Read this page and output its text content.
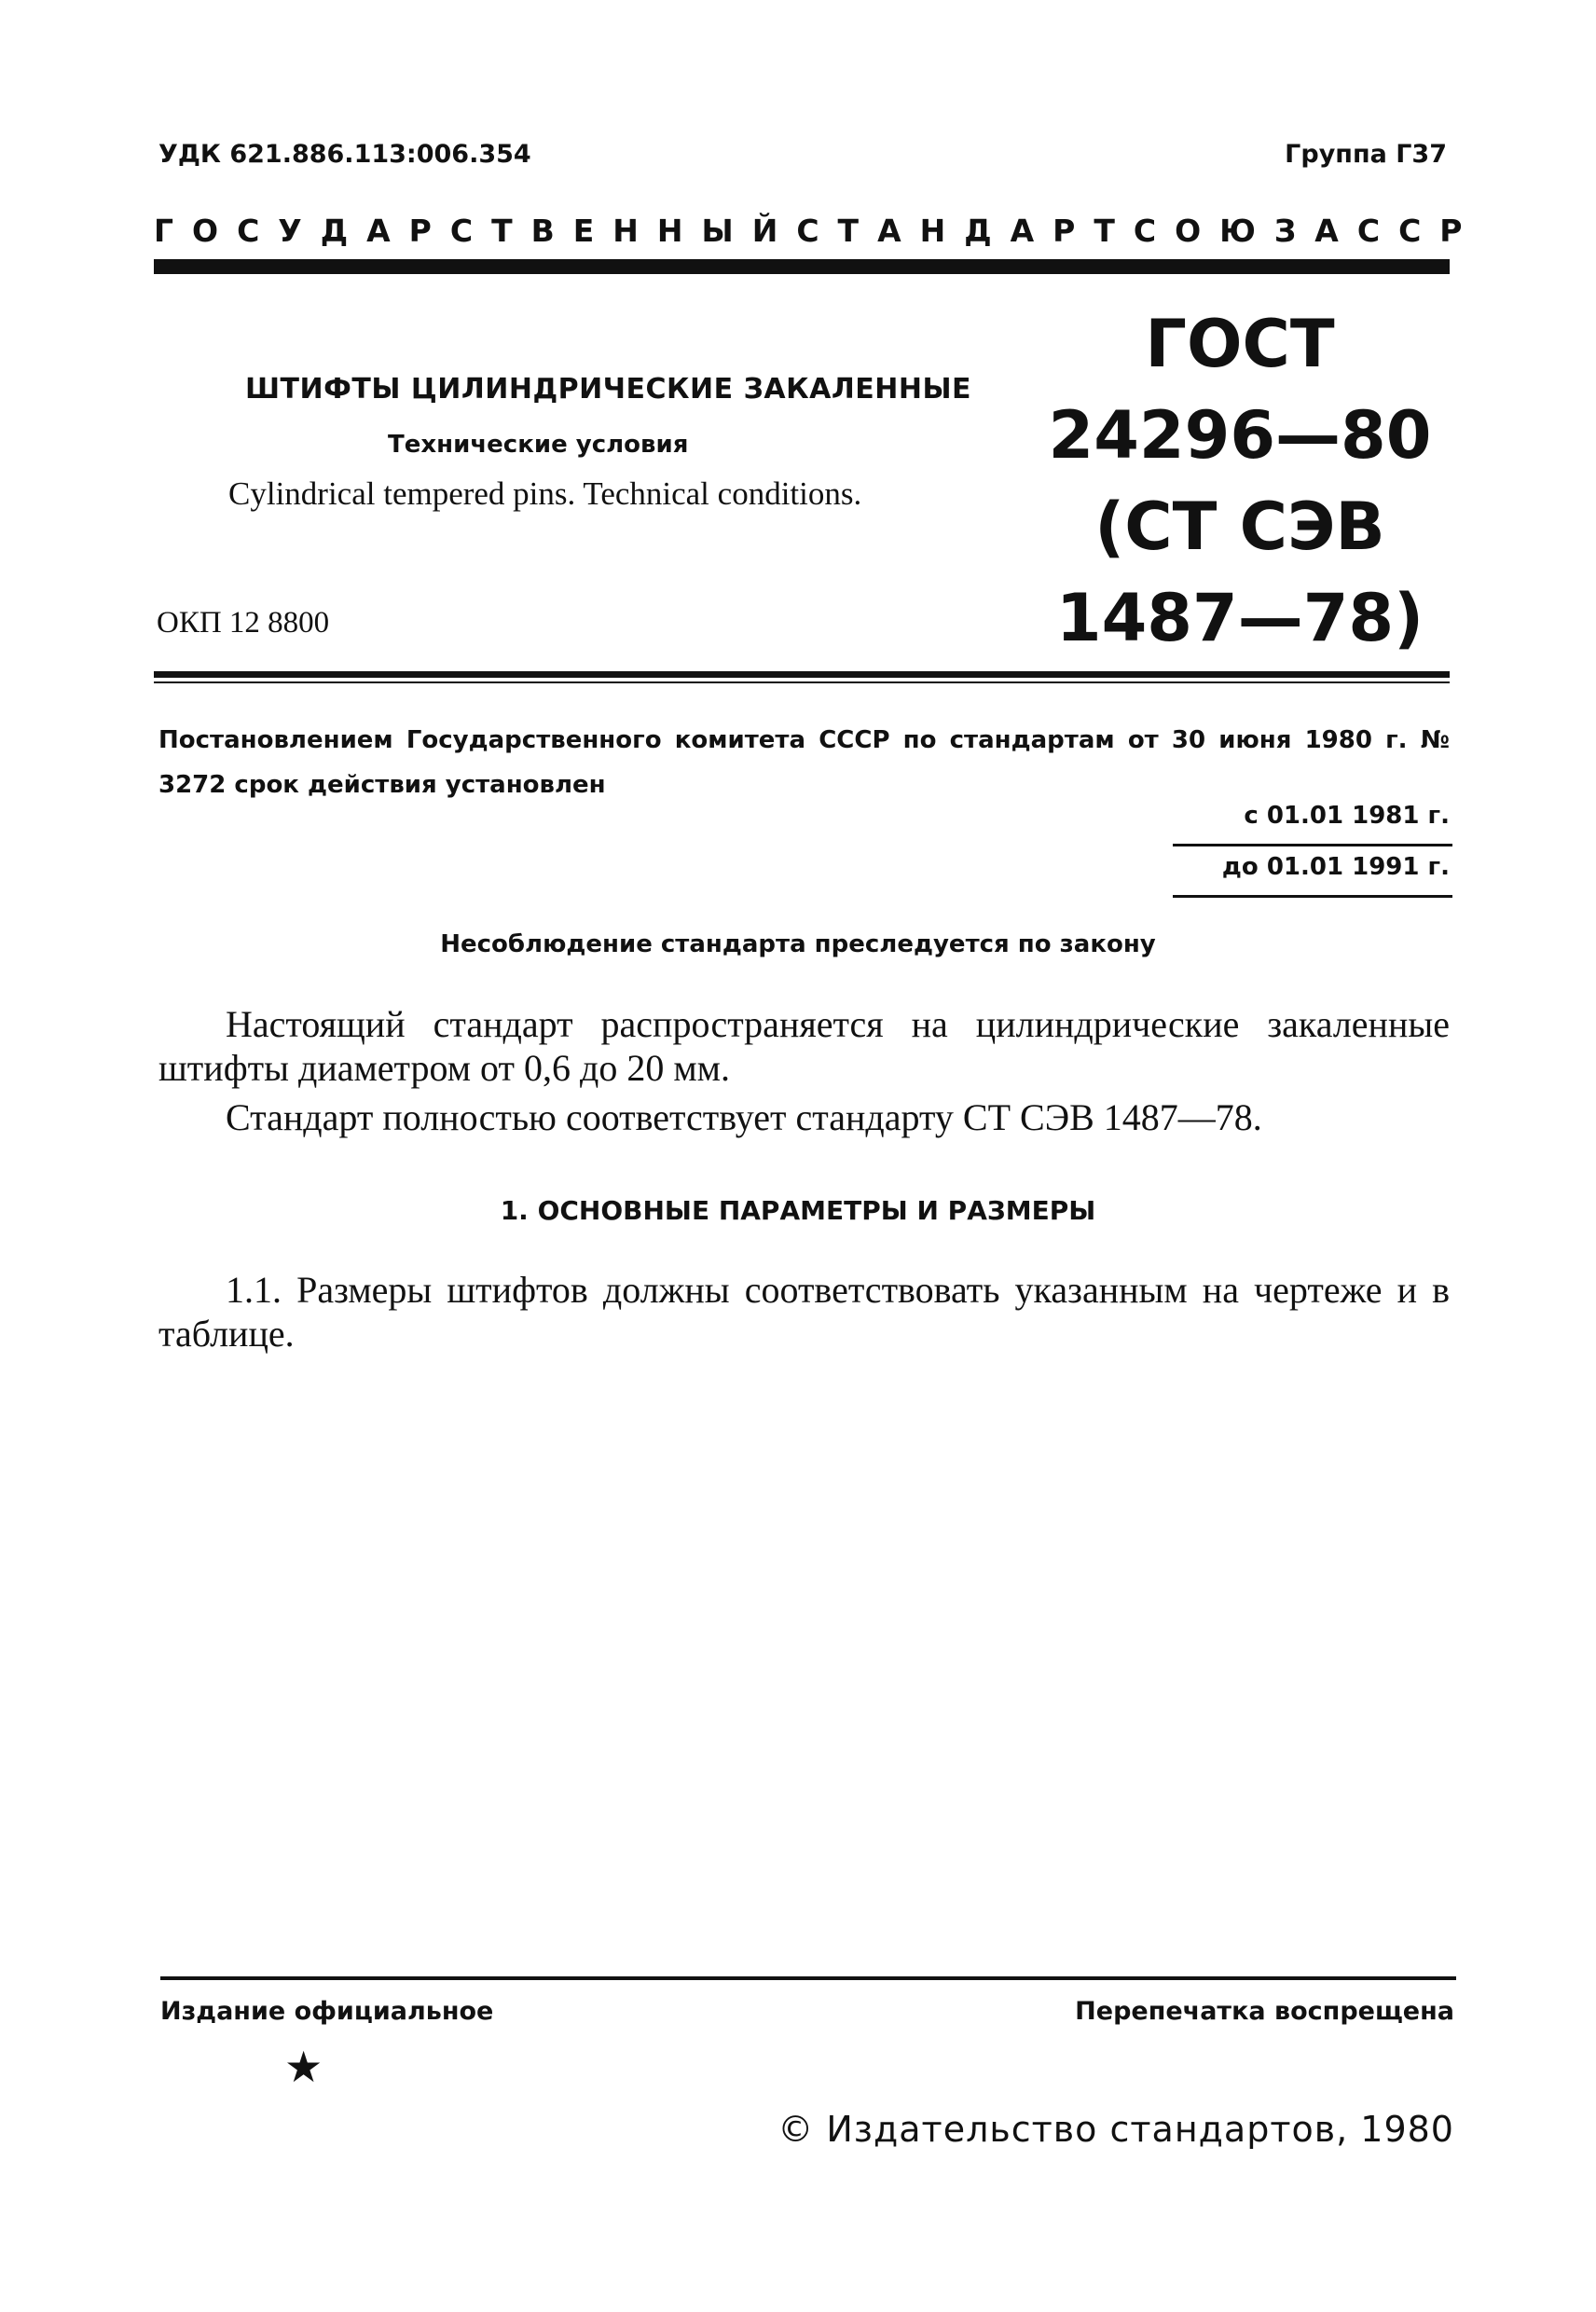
УДК 621.886.113:006.354	Группа Г37
ГОСУДАРСТВЕННЫЙ СТАНДАРТ СОЮЗА ССР
ШТИФТЫ ЦИЛИНДРИЧЕСКИЕ ЗАКАЛЕННЫЕ
Технические условия
Cylindrical tempered pins. Technical conditions.
ОКП 12 8800
ГОСТ
24296—80
(СТ СЭВ
1487—78)
Постановлением Государственного комитета СССР по стандартам от 30 июня 1980 г. № 3272 срок действия установлен
с 01.01 1981 г.
до 01.01 1991 г.
Несоблюдение стандарта преследуется по закону
Настоящий стандарт распространяется на цилиндрические закаленные штифты диаметром от 0,6 до 20 мм.
Стандарт полностью соответствует стандарту СТ СЭВ 1487—78.
1. ОСНОВНЫЕ ПАРАМЕТРЫ И РАЗМЕРЫ
1.1. Размеры штифтов должны соответствовать указанным на чертеже и в таблице.
Издание официальное	Перепечатка воспрещена
★
© Издательство стандартов, 1980
